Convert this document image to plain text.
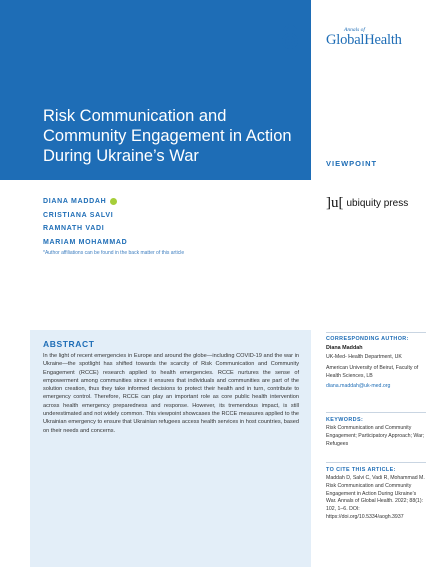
Risk Communication and Community Engagement in Action During Ukraine’s War
Annals of
GlobalHealth
VIEWPOINT
]u[ ubiquity press
DIANA MADDAH
CRISTIANA SALVI
RAMNATH VADI
MARIAM MOHAMMAD
*Author affiliations can be found in the back matter of this article
ABSTRACT

In the light of recent emergencies in Europe and around the globe—including COVID-19 and the war in Ukraine—the spotlight has shifted towards the scarcity of Risk Communication and Community Engagement (RCCE) research applied to health emergencies. RCCE nurtures the sense of empowerment among communities since it ensures that individuals and communities are part of the solution creation, thus they take informed decisions to protect their health and in turn, contribute to emergency control. Therefore, RCCE can play an important role as core public health intervention across health emergency preparedness and response. However, its tremendous impact, is still underestimated and not widely common. This viewpoint showcases the RCCE measures applied to the Ukrainian emergency to ensure that Ukrainian refugees access health services in host countries, based on their needs and concerns.

CORRESPONDING AUTHOR:
Diana Maddah
UK-Med- Health Department, UK
American University of Beirut, Faculty of Health Sciences, LB
diana.maddah@uk-med.org
KEYWORDS:
Risk Communication and Community Engagement; Participatory Approach; War; Refugees
TO CITE THIS ARTICLE:
Maddah D, Salvi C, Vadi R, Mohammad M. Risk Communication and Community Engagement in Action During Ukraine’s War. Annals of Global Health. 2022; 88(1): 102, 1–6. DOI: https://doi.org/10.5334/aogh.3937
